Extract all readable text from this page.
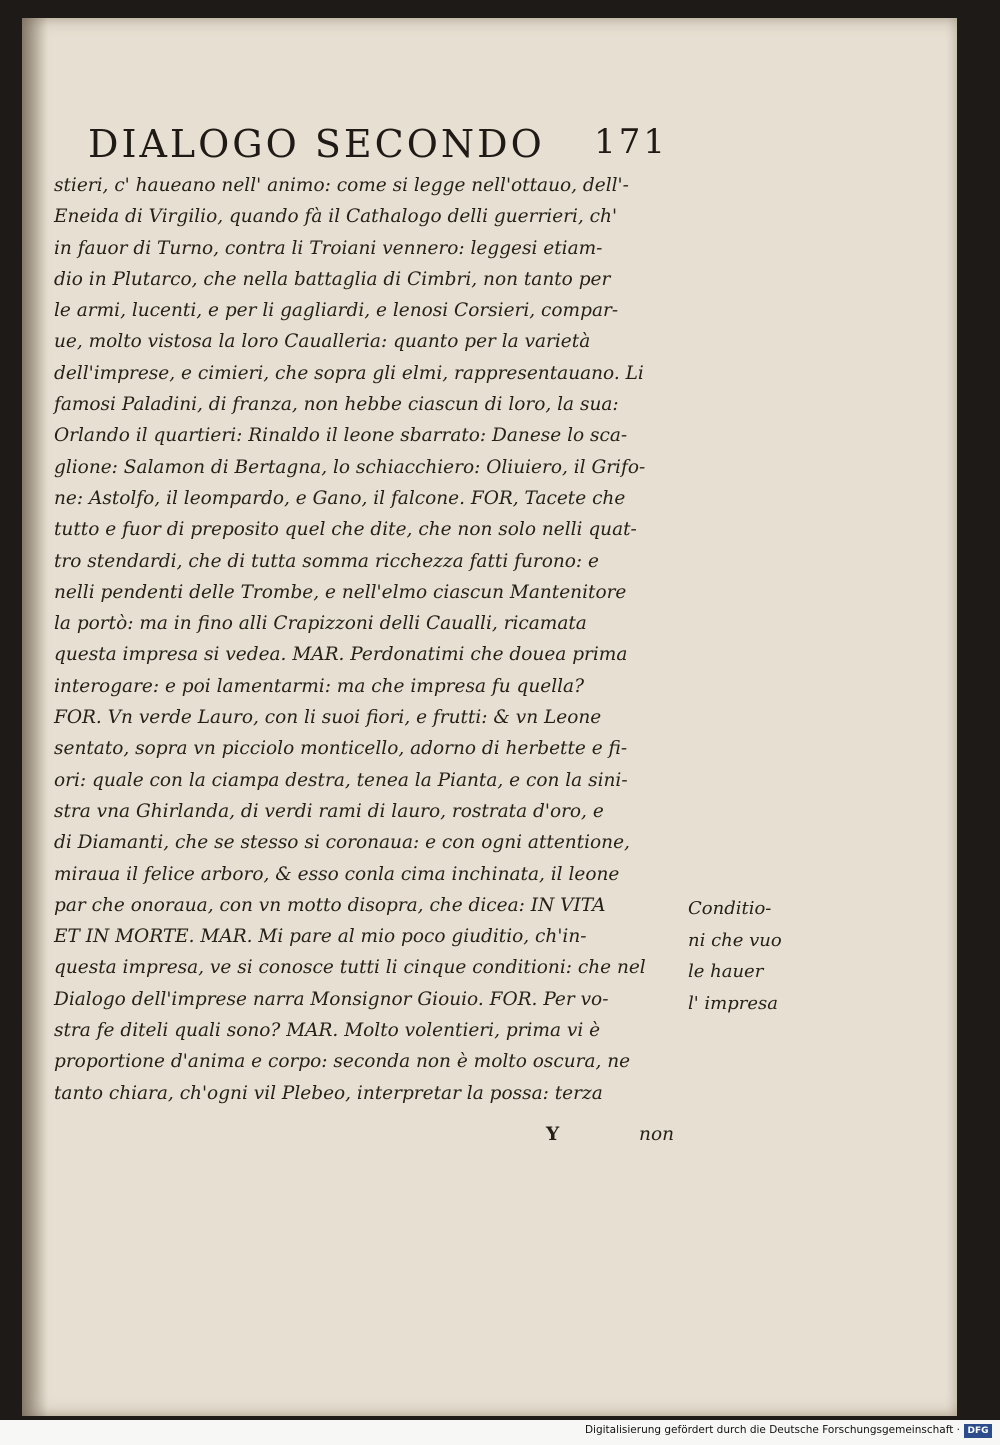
DIALOGO SECONDO 171
stieri, c' haueano nell' animo: come si legge nell'ottauo, dell'-
Eneida di Virgilio, quando fà il Cathalogo delli guerrieri, ch'
in fauor di Turno, contra li Troiani vennero: leggesi etiam-
dio in Plutarco, che nella battaglia di Cimbri, non tanto per
le armi, lucenti, e per li gagliardi, e lenosi Corsieri, compar-
ue, molto vistosa la loro Caualleria: quanto per la varietà
dell'imprese, e cimieri, che sopra gli elmi, rappresentauano. Li
famosi Paladini, di franza, non hebbe ciascun di loro, la sua:
Orlando il quartieri: Rinaldo il leone sbarrato: Danese lo sca-
glione: Salamon di Bertagna, lo schiacchiero: Oliuiero, il Grifo-
ne: Astolfo, il leompardo, e Gano, il falcone. FOR, Tacete che
tutto e fuor di preposito quel che dite, che non solo nelli quat-
tro stendardi, che di tutta somma ricchezza fatti furono: e
nelli pendenti delle Trombe, e nell'elmo ciascun Mantenitore
la portò: ma in fino alli Crapizzoni delli Caualli, ricamata
questa impresa si vedea. MAR. Perdonatimi che douea prima
interogare: e poi lamentarmi: ma che impresa fu quella?
FOR. Vn verde Lauro, con li suoi fiori, e frutti: & vn Leone
sentato, sopra vn picciolo monticello, adorno di herbette e fi-
ori: quale con la ciampa destra, tenea la Pianta, e con la sini-
stra vna Ghirlanda, di verdi rami di lauro, rostrata d'oro, e
di Diamanti, che se stesso si coronaua: e con ogni attentione,
miraua il felice arboro, & esso conla cima inchinata, il leone
par che onoraua, con vn motto disopra, che dicea: IN VITA
ET IN MORTE. MAR. Mi pare al mio poco giuditio, ch'in-
questa impresa, ve si conosce tutti li cinque conditioni: che nel
Dialogo dell'imprese narra Monsignor Giouio. FOR. Per vo-
stra fe diteli quali sono? MAR. Molto volentieri, prima vi è
proportione d'anima e corpo: seconda non è molto oscura, ne
tanto chiara, ch'ogni vil Plebeo, interpretar la possa: terza
Conditio-
ni che vuo
le hauer
l' impresa
Y	non
Digitalisierung gefördert durch die Deutsche Forschungsgemeinschaft · DFG
